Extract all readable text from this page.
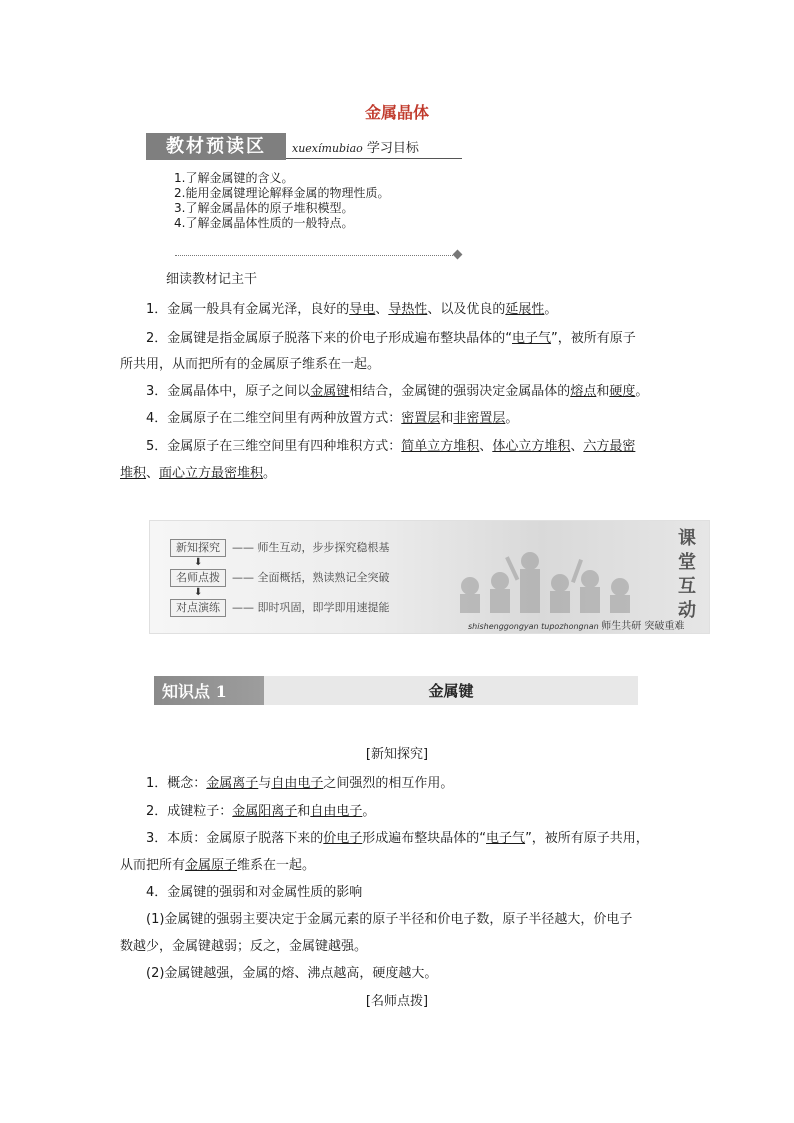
金属晶体
教材预读区	xuexímubiao 学习目标
1.了解金属键的含义。
2.能用金属键理论解释金属的物理性质。
3.了解金属晶体的原子堆积模型。
4.了解金属晶体性质的一般特点。
细读教材记主干
1．金属一般具有金属光泽，良好的导电、导热性、以及优良的延展性。
2．金属键是指金属原子脱落下来的价电子形成遍布整块晶体的“电子气”，被所有原子
所共用，从而把所有的金属原子维系在一起。
3．金属晶体中，原子之间以金属键相结合，金属键的强弱决定金属晶体的熔点和硬度。
4．金属原子在二维空间里有两种放置方式：密置层和非密置层。
5．金属原子在三维空间里有四种堆积方式：简单立方堆积、体心立方堆积、六方最密
堆积、面心立方最密堆积。
新知探究 —— 师生互动，步步探究稳根基
⬇
名师点拨 —— 全面概括，熟读熟记全突破
⬇
对点演练 —— 即时巩固，即学即用速提能
课
堂
互
动
shishenggongyan tupozhongnan 师生共研 突破重难
知识点 1	金属键
[新知探究]
1．概念：金属离子与自由电子之间强烈的相互作用。
2．成键粒子：金属阳离子和自由电子。
3．本质：金属原子脱落下来的价电子形成遍布整块晶体的“电子气”，被所有原子共用，
从而把所有金属原子维系在一起。
4．金属键的强弱和对金属性质的影响
(1)金属键的强弱主要决定于金属元素的原子半径和价电子数，原子半径越大，价电子
数越少，金属键越弱；反之，金属键越强。
(2)金属键越强，金属的熔、沸点越高，硬度越大。
[名师点拨]
